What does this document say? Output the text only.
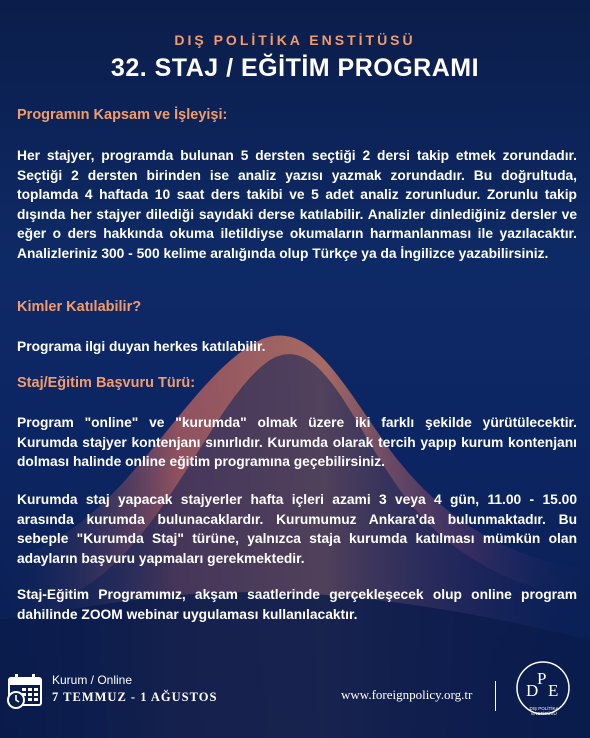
DIŞ POLİTİKA ENSTİTÜSÜ
32. STAJ / EĞİTİM PROGRAMI
Programın Kapsam ve İşleyişi:
Her stajyer, programda bulunan 5 dersten seçtiği 2 dersi takip etmek zorundadır. Seçtiği 2 dersten birinden ise analiz yazısı yazmak zorundadır. Bu doğrultuda, toplamda 4 haftada 10 saat ders takibi ve 5 adet analiz zorunludur. Zorunlu takip dışında her stajyer dilediği sayıdaki derse katılabilir. Analizler dinlediğiniz dersler ve eğer o ders hakkında okuma iletildiyse okumaların harmanlanması ile yazılacaktır. Analizleriniz 300 - 500 kelime aralığında olup Türkçe ya da İngilizce yazabilirsiniz.
Kimler Katılabilir?
Programa ilgi duyan herkes katılabilir.
Staj/Eğitim Başvuru Türü:
Program "online" ve "kurumda" olmak üzere iki farklı şekilde yürütülecektir. Kurumda stajyer kontenjanı sınırlıdır. Kurumda olarak tercih yapıp kurum kontenjanı dolması halinde online eğitim programına geçebilirsiniz.
Kurumda staj yapacak stajyerler hafta içleri azami 3 veya 4 gün, 11.00 - 15.00 arasında kurumda bulunacaklardır. Kurumumuz Ankara'da bulunmaktadır. Bu sebeple "Kurumda Staj" türüne, yalnızca staja kurumda katılması mümkün olan adayların başvuru yapmaları gerekmektedir.
Staj-Eğitim Programımız, akşam saatlerinde gerçekleşecek olup online program dahilinde ZOOM webinar uygulaması kullanılacaktır.
Kurum / Online
7 TEMMUZ - 1 AĞUSTOS	www.foreignpolicy.org.tr	D
P
E
DIŞ POLİTİKA ENSTİTÜSÜ
